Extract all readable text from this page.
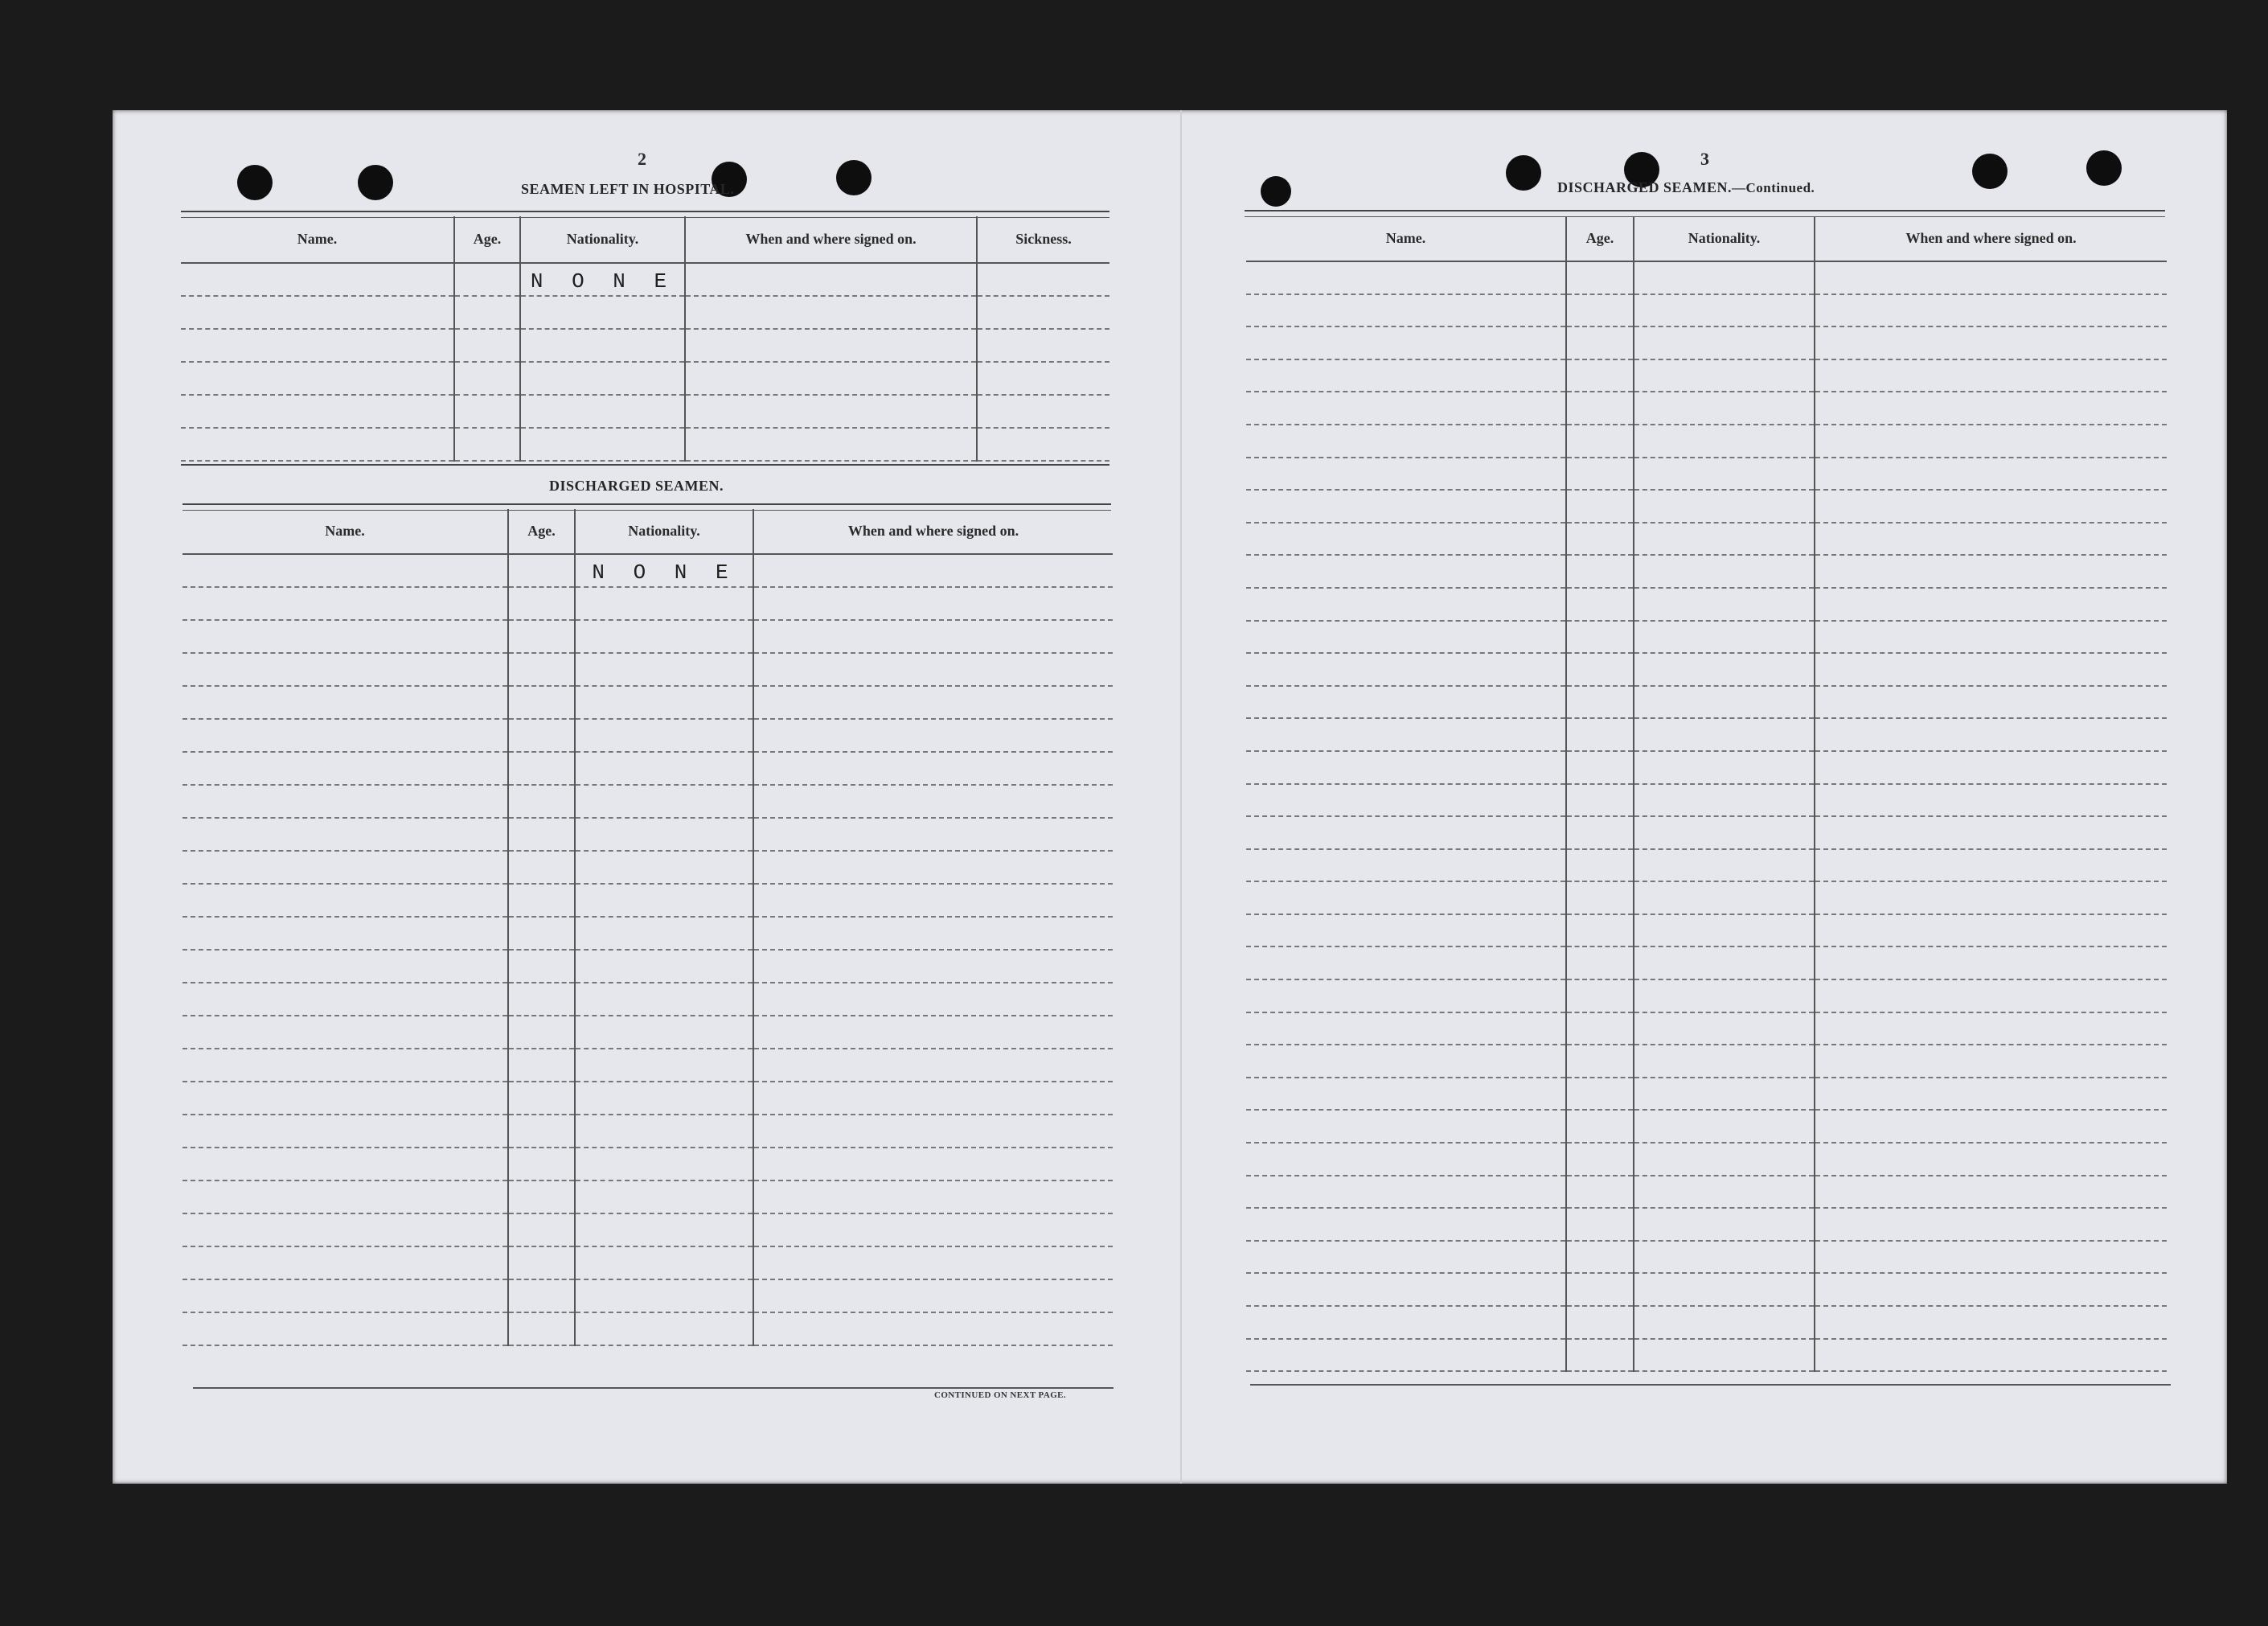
2
SEAMEN LEFT IN HOSPITAL.
Name.	Age.	Nationality.	When and where signed on.	Sickness.

		N O N E		

DISCHARGED SEAMEN.
Name.	Age.	Nationality.	When and where signed on.

		N O N E	

CONTINUED ON NEXT PAGE.
3
DISCHARGED SEAMEN.—Continued.
Name.	Age.	Nationality.	When and where signed on.
